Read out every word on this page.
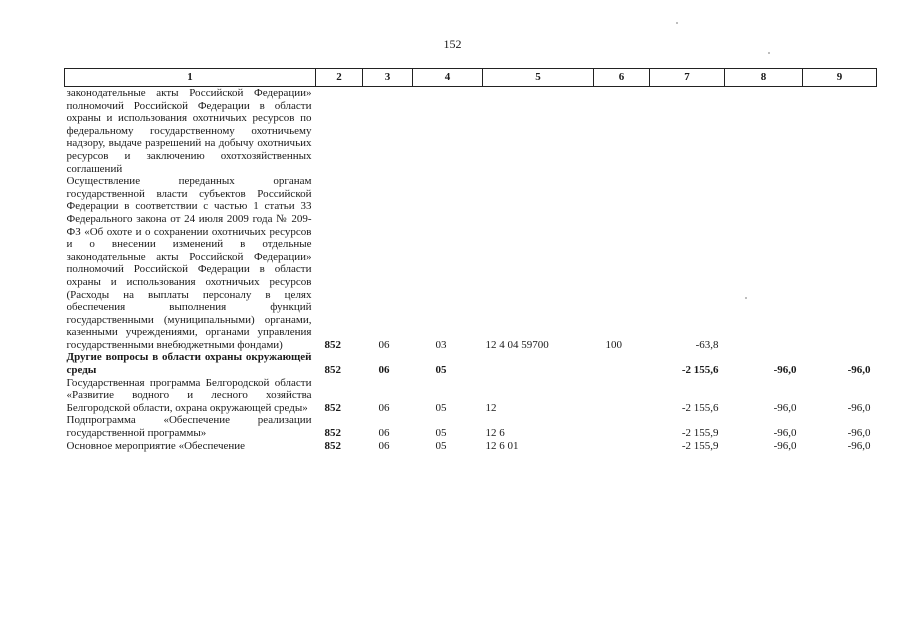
152
1	2	3	4	5	6	7	8	9
законодательные акты Российской Федерации» полномочий Российской Федерации в области охраны и использования охотничьих ресурсов по федеральному государственному охотничьему надзору, выдаче разрешений на добычу охотничьих ресурсов и заключению охотхозяйственных соглашений								
Осуществление переданных органам государственной власти субъектов Российской Федерации в соответствии с частью 1 статьи 33 Федерального закона от 24 июля 2009 года № 209-ФЗ «Об охоте и о сохранении охотничьих ресурсов и о внесении изменений в отдельные законодательные акты Российской Федерации» полномочий Российской Федерации в области охраны и использования охотничьих ресурсов (Расходы на выплаты персоналу в целях обеспечения выполнения функций государственными (муниципальными) органами, казенными учреждениями, органами управления государственными внебюджетными фондами)	852	06	03	12 4 04 59700	100	-63,8		
Другие вопросы в области охраны окружающей среды	852	06	05			-2 155,6	-96,0	-96,0
Государственная программа Белгородской области «Развитие водного и лесного хозяйства Белгородской области, охрана окружающей среды»	852	06	05	12		-2 155,6	-96,0	-96,0
Подпрограмма «Обеспечение реализации государственной программы»	852	06	05	12 6		-2 155,9	-96,0	-96,0
Основное мероприятие «Обеспечение	852	06	05	12 6 01		-2 155,9	-96,0	-96,0
